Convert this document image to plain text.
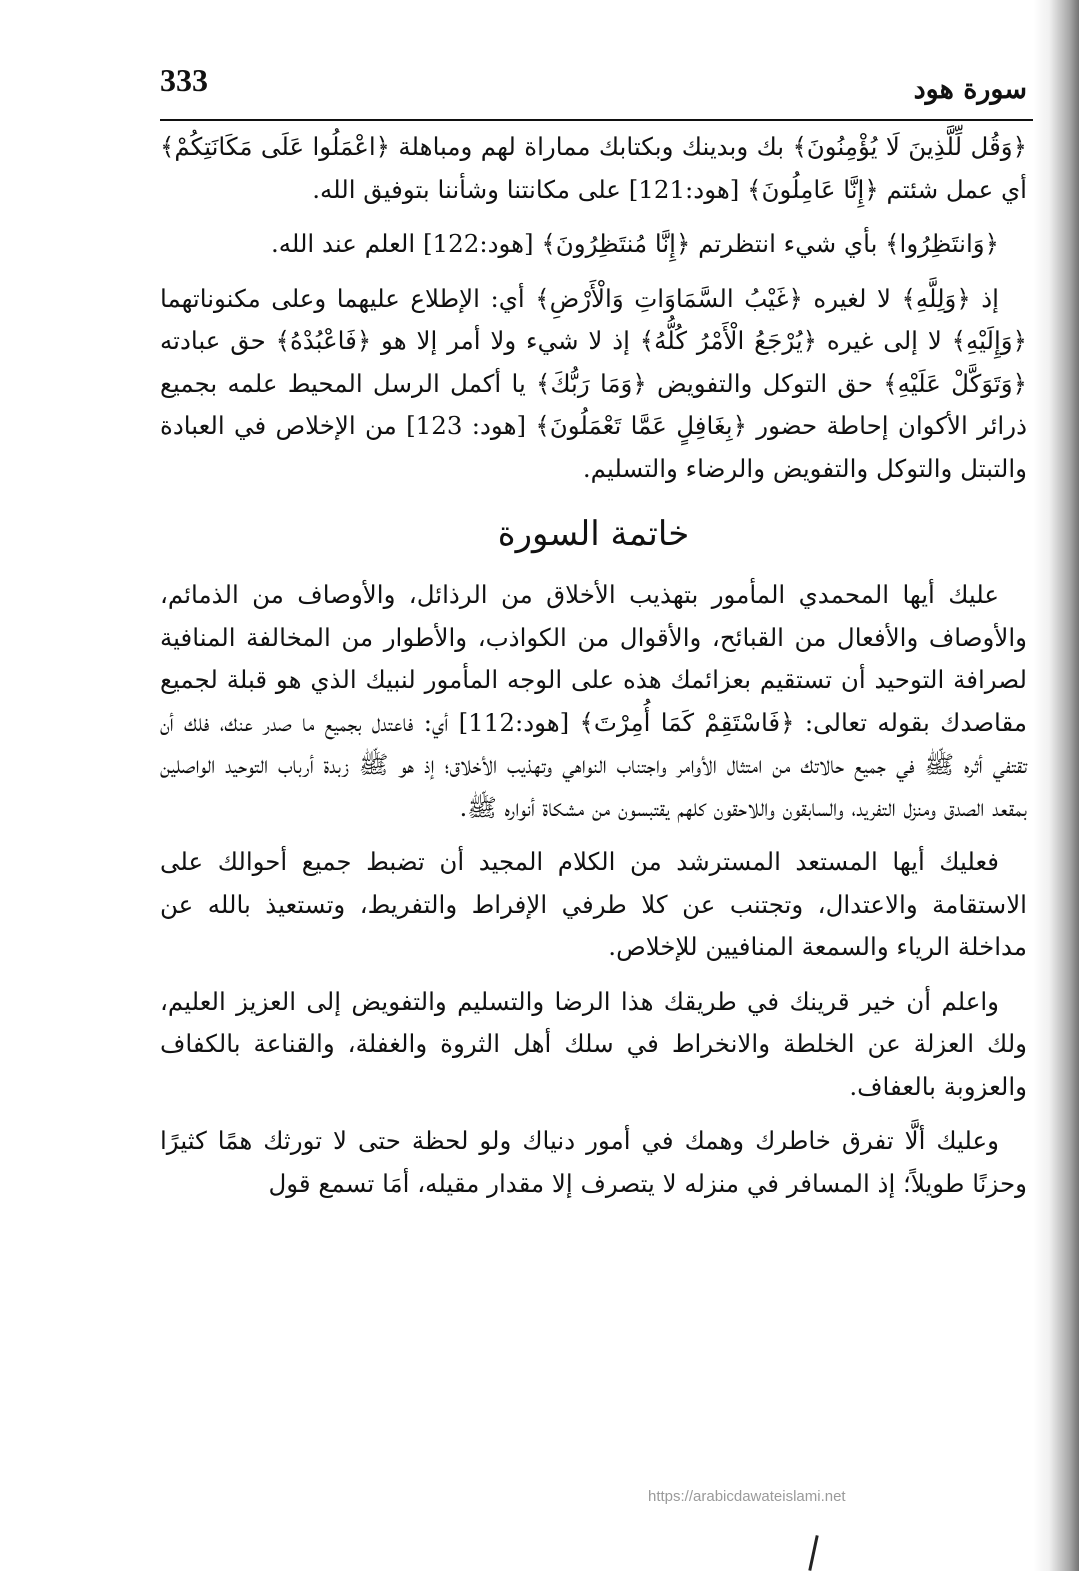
سورة هود
333

﴿وَقُل لِّلَّذِينَ لَا يُؤْمِنُونَ﴾ بك وبدينك وبكتابك مماراة لهم ومباهلة ﴿اعْمَلُوا عَلَى مَكَانَتِكُمْ﴾ أي عمل شئتم ﴿إِنَّا عَامِلُونَ﴾ [هود:121] على مكانتنا وشأننا بتوفيق الله.

﴿وَانتَظِرُوا﴾ بأي شيء انتظرتم ﴿إِنَّا مُنتَظِرُونَ﴾ [هود:122] العلم عند الله.

إذ ﴿وَلِلَّهِ﴾ لا لغيره ﴿غَيْبُ السَّمَاوَاتِ وَالْأَرْضِ﴾ أي: الإطلاع عليهما وعلى مكنوناتهما ﴿وَإِلَيْهِ﴾ لا إلى غيره ﴿يُرْجَعُ الْأَمْرُ كُلُّهُ﴾ إذ لا شيء ولا أمر إلا هو ﴿فَاعْبُدْهُ﴾ حق عبادته ﴿وَتَوَكَّلْ عَلَيْهِ﴾ حق التوكل والتفويض ﴿وَمَا رَبُّكَ﴾ يا أكمل الرسل المحيط علمه بجميع ذرائر الأكوان إحاطة حضور ﴿بِغَافِلٍ عَمَّا تَعْمَلُونَ﴾ [هود: 123] من الإخلاص في العبادة والتبتل والتوكل والتفويض والرضاء والتسليم.

خاتمة السورة

عليك أيها المحمدي المأمور بتهذيب الأخلاق من الرذائل، والأوصاف من الذمائم، والأوصاف والأفعال من القبائح، والأقوال من الكواذب، والأطوار من المخالفة المنافية لصرافة التوحيد أن تستقيم بعزائمك هذه على الوجه المأمور لنبيك الذي هو قبلة لجميع مقاصدك بقوله تعالى: ﴿فَاسْتَقِمْ كَمَا أُمِرْتَ﴾ [هود:112] أي: فاعتدل بجميع ما صدر عنك، فلك أن تقتفي أثره ﷺ في جميع حالاتك من امتثال الأوامر واجتناب النواهي وتهذيب الأخلاق؛ إذ هو ﷺ زبدة أرباب التوحيد الواصلين بمقعد الصدق ومنزل التفريد، والسابقون واللاحقون كلهم يقتبسون من مشكاة أنواره ﷺ.

فعليك أيها المستعد المسترشد من الكلام المجيد أن تضبط جميع أحوالك على الاستقامة والاعتدال، وتجتنب عن كلا طرفي الإفراط والتفريط، وتستعيذ بالله عن مداخلة الرياء والسمعة المنافيين للإخلاص.

واعلم أن خير قرينك في طريقك هذا الرضا والتسليم والتفويض إلى العزيز العليم، ولك العزلة عن الخلطة والانخراط في سلك أهل الثروة والغفلة، والقناعة بالكفاف والعزوبة بالعفاف.

وعليك ألَّا تفرق خاطرك وهمك في أمور دنياك ولو لحظة حتى لا تورثك همًا كثيرًا وحزنًا طويلاً؛ إذ المسافر في منزله لا يتصرف إلا مقدار مقيله، أمَا تسمع قول

https://arabicdawateislami.net
